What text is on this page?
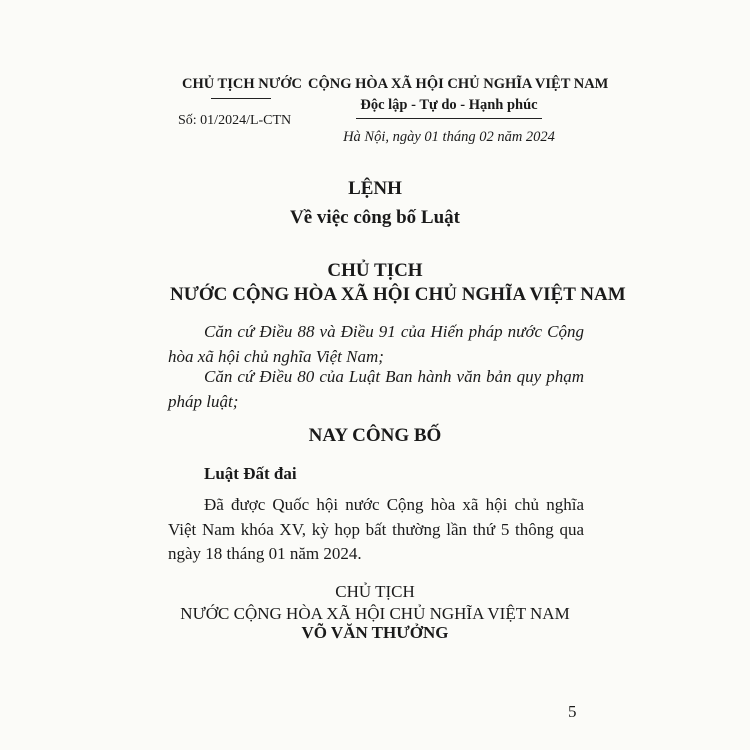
CHỦ TỊCH NƯỚC
Số: 01/2024/L-CTN
CỘNG HÒA XÃ HỘI CHỦ NGHĨA VIỆT NAM
Độc lập - Tự do - Hạnh phúc
Hà Nội, ngày 01 tháng 02 năm 2024
LỆNH
Về việc công bố Luật
CHỦ TỊCH
NƯỚC CỘNG HÒA XÃ HỘI CHỦ NGHĨA VIỆT NAM
Căn cứ Điều 88 và Điều 91 của Hiến pháp nước Cộng hòa xã hội chủ nghĩa Việt Nam;
Căn cứ Điều 80 của Luật Ban hành văn bản quy phạm pháp luật;
NAY CÔNG BỐ
Luật Đất đai
Đã được Quốc hội nước Cộng hòa xã hội chủ nghĩa Việt Nam khóa XV, kỳ họp bất thường lần thứ 5 thông qua ngày 18 tháng 01 năm 2024.
CHỦ TỊCH
NƯỚC CỘNG HÒA XÃ HỘI CHỦ NGHĨA VIỆT NAM
VÕ VĂN THƯỞNG
5
